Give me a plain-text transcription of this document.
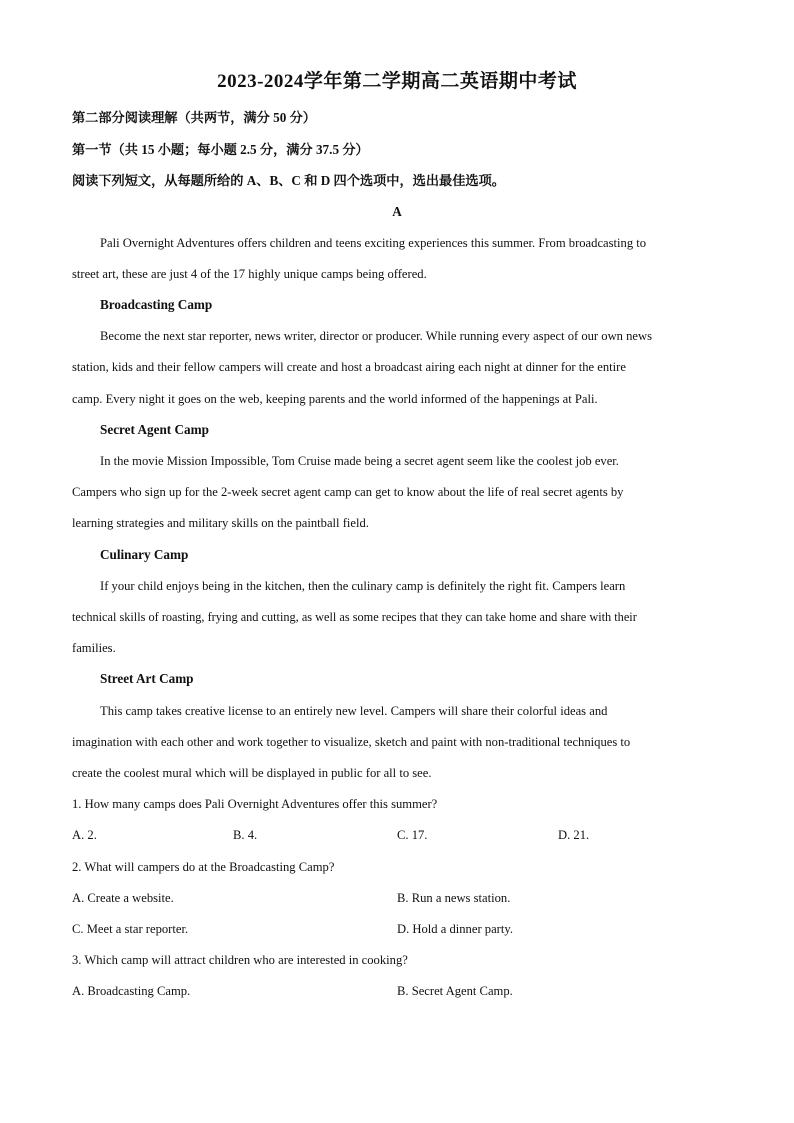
2023-2024学年第二学期高二英语期中考试
第二部分阅读理解（共两节，满分 50 分）
第一节（共 15 小题；每小题 2.5 分，满分 37.5 分）
阅读下列短文，从每题所给的 A、B、C 和 D 四个选项中，选出最佳选项。
A
Pali Overnight Adventures offers children and teens exciting experiences this summer. From broadcasting to
street art, these are just 4 of the 17 highly unique camps being offered.
Broadcasting Camp
Become the next star reporter, news writer, director or producer. While running every aspect of our own news
station, kids and their fellow campers will create and host a broadcast airing each night at dinner for the entire
camp. Every night it goes on the web, keeping parents and the world informed of the happenings at Pali.
Secret Agent Camp
In the movie Mission Impossible, Tom Cruise made being a secret agent seem like the coolest job ever.
Campers who sign up for the 2-week secret agent camp can get to know about the life of real secret agents by
learning strategies and military skills on the paintball field.
Culinary Camp
If your child enjoys being in the kitchen, then the culinary camp is definitely the right fit. Campers learn
technical skills of roasting, frying and cutting, as well as some recipes that they can take home and share with their
families.
Street Art Camp
This camp takes creative license to an entirely new level. Campers will share their colorful ideas and
imagination with each other and work together to visualize, sketch and paint with non-traditional techniques to
create the coolest mural which will be displayed in public for all to see.
1. How many camps does Pali Overnight Adventures offer this summer?
A. 2.	B. 4.	C. 17.	D. 21.
2. What will campers do at the Broadcasting Camp?
A. Create a website.	B. Run a news station.
C. Meet a star reporter.	D. Hold a dinner party.
3. Which camp will attract children who are interested in cooking?
A. Broadcasting Camp.	B. Secret Agent Camp.
